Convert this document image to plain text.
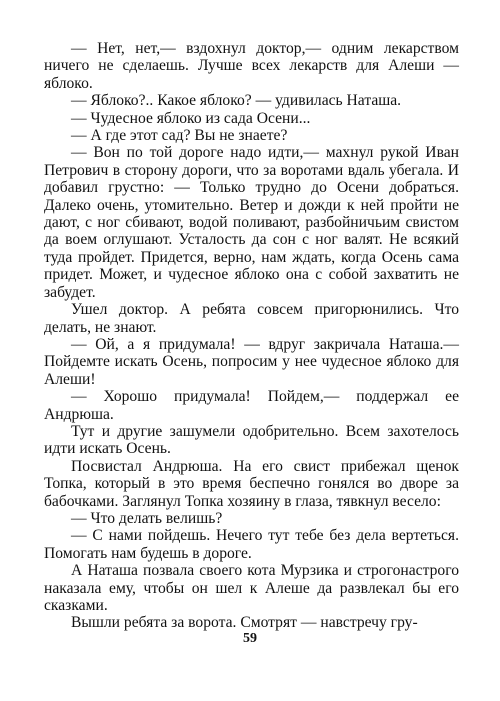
— Нет, нет,— вздохнул доктор,— одним лекарством ничего не сделаешь. Лучше всех лекарств для Алеши — яблоко.

— Яблоко?.. Какое яблоко? — удивилась Наташа.

— Чудесное яблоко из сада Осени...

— А где этот сад? Вы не знаете?

— Вон по той дороге надо идти,— махнул рукой Иван Петрович в сторону дороги, что за воротами вдаль убегала. И добавил грустно: — Только трудно до Осени добраться. Далеко очень, утомительно. Ветер и дожди к ней пройти не дают, с ног сбивают, водой поливают, разбойничьим свистом да воем оглушают. Усталость да сон с ног валят. Не всякий туда пройдет. Придется, верно, нам ждать, когда Осень сама придет. Может, и чудесное яблоко она с собой захватить не забудет.

Ушел доктор. А ребята совсем пригорюнились. Что делать, не знают.

— Ой, а я придумала! — вдруг закричала Наташа.— Пойдемте искать Осень, попросим у нее чудесное яблоко для Алеши!

— Хорошо придумала! Пойдем,— поддержал ее Андрюша.

Тут и другие зашумели одобрительно. Всем захотелось идти искать Осень.

Посвистал Андрюша. На его свист прибежал щенок Топка, который в это время беспечно гонялся во дворе за бабочками. Заглянул Топка хозяину в глаза, тявкнул весело:

— Что делать велишь?

— С нами пойдешь. Нечего тут тебе без дела вертеться. Помогать нам будешь в дороге.

А Наташа позвала своего кота Мурзика и строгонастрого наказала ему, чтобы он шел к Алеше да развлекал бы его сказками.

Вышли ребята за ворота. Смотрят — навстречу гру-

59
